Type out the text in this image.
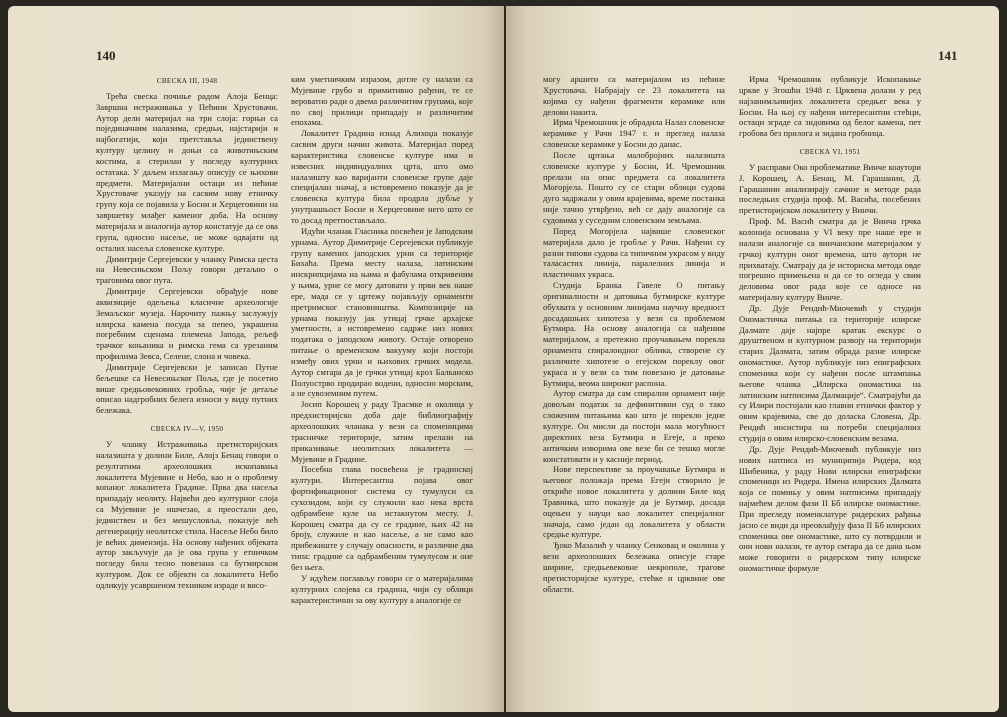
140

СВЕСКА III, 1948

Трећа свеска почиње радом Алоја Бенца: Завршна истраживања у Пећини Хрустовачи. Аутор дели материјал на три слоја: горњи са појединачним налазима, средњи, најстарији и најбогатији, који претставља јединствену културу целину и доњи са животињским костима, а стерилан у погледу културних остатака. У даљем излагању описују се њихови предмети. Материјални остаци из пећине Хрустовачe указују на сасвим нову етничку групу која се појавила у Босни и Херцеговини на завршетку млађег каменог доба. На основу материјала и аналогија аутор констатује да се ова група, односно насеље, не може одвајати од осталих насеља словенске културе.

Димитрије Сергејевски у чланку Римска цеста на Невесињском Пољу говори детаљно о траговима овог пута.

Димитрије Сергејевски обрађује нове аквизиције одељења класичне археологије Земаљског музеја. Нарочиту пажњу заслужују илирска камена посуда за пепео, украшена погребним сценама племена Јапода, рељеф трачког коњаника и римска гема са урезаним профилима Зевса, Селене, слона и човека.

Димитрије Сергејевски је записао Путне бељешке са Невесињског Поља, где је посетио више средњовековних гробља, чије је детаље описао надгробних белега износи у виду путних бележака.

СВЕСКА IV—V, 1950

У чланку Истраживања претисторијских налазишта у долини Биле, Алојз Бенац говори о резултатима археолошких ископавања локалитета Мујевине и Небо, као и о проблему копаног локалитета Градине. Прва два насеља припадају неолиту. Највећи део културног слоја са Мујевине је ишчезао, а преостали део, јединствен и без мешусловља, показује већ дегенерацију неолитске стила. Насеље Небо било је већих димензија. На основу нађених објеката аутор закључује да је ова група у етничком погледу била тесно повезана са бутмирском културом. Док се објекти са локалитета Небо одликују усавршеном техником израде и висо-

ким уметничким изразом, дотле су налази са Мујевине грубо и примитивно рађени, те се вероватно ради о двема различитим групама, које по свој прилици припадају и различитим епохама.

Локалитет Градина изнад Алихоџа показује сасвим други начин живота. Материјал поред карактеристика словенске културе има и извесних индивидуалних црта, што омо налазишту као варијанти словенске групе даје специјалан значај, а истовремено показује да је словенска култура била продрла дубље у унутрашњост Босне и Херцеговине него што се то досад претпостављало.

Идући чланак Гласника посвећен је Јаподским урнама. Аутор Димитрије Сергејевски публикује групу камених јаподских урни са територије Бихаћа. Према месту налаза, латинским инскрипцијама на њима и фабулама откривеним у њима, урне се могу датовати у први век наше ере, мада се у цртежу појављују орнаменти претримског становништва. Композиције на урнама показују јак утицај грчке архајске уметности, а истовремено садрже низ нових података о јаподском животу. Остаје отворено питање о временском вакууму који постоји између ових урни и њихових грчких модела. Аутор смтара да је грчки утицај кроз Балканско Полуострво продирао водени, односно морским, а не сувоземним путем.

Јосип Корошец у раду Трасмке и околица у предхисторијско доба даје библиографију археолошких чланака у вези са споменицима трасничке територије, затим прелази на приказивање неолитских локалитета — Мујевине и Градине.

Посебна глава посвећена је градинској култури. Интересантна појава овог фортификационог система су тумулуси са сухозидом, који су служили као нека врста одбрамбене куле на истакнутом месту. Ј. Корошец сматра да су се градине, њих 42 на броју, служиле и као насеље, а не само као прибежиште у случају опасности, и различне два типа: градине са одбрамбеним тумулусом и оне без њега.

У идућем поглављу говори се о материјалима културних слојева са градина, чији су облици карактеристични за ову културу а аналогије се

141

могу аршити са материјалом из пећине Хрустовача. Набрајају се 23 локалитета на којима су нађени фрагменти керамике или делови накита.

Ирма Чремошник је обрадила Налаз словенске керамике у Рачи 1947 г. и преглед налаза словенске керамике у Босни до данас.

После цртања малобројних налазишта словенске културе у Босни, И. Чремошник прелази на опис предмета са локалитета Могорјела. Пошто су се стари облици судова дуго задржали у овим крајевима, време постанка није тачно утврђено, већ се дају аналогије са судовима у суседним словенским земљама.

Поред Могорјела највише словенског материјала дало је гробље у Рачи. Нађени су разни типови судова са типичним украсом у виду таласастих линија, паралелних линија и пластичних украса.

Студија Бранка Гавеле О питању оригиналности и датовања бутмирске културе обухвата у основним линијама научну вредност досадашњих хипотеза у вези са проблемом Бутмира. На основу аналогија са нађеним материјалом, а претежно проучавањем порекла орнамента спиралоидног облика, створене су различите хипотезе о егејском пореклу овог украса и у вези са тим повезано је датовање Бутмира, веома широког распона.

Аутор сматра да сам спирални орнамент није довољан податак за дефинитивни суд о тако сложеним питањима као што је порекло једне културе. Он мисли да постоји мала могућност директних веза Бутмира и Егеје, а преко античким изворима ове везе би се тешко могле констатовати и у касније период.

Нове перспективе за проучавање Бутмира и његовог положаја према Егеји створило је откриће новое локалитета у долини Биле код Травника, што показује да је Бутмир, досада оцењен у науци као локалитет специјалног значаја, само један од локалитета у области средње културе.

Ђоко Мазалић у чланку Сенковац и околина у вези археолошких бележака описује старе ширине, средњевековне некрополе, трагове претисторијске културе, стећке и црквине ове области.

Ирма Чремошник публикује Ископавање цркве у Згошћи 1948 г. Црквена долази у ред најзанимљивијих локалитета средњег века у Босни. На њој су нађени интересантни стећци, остаци зграде са зидовима од белог камена, пет гробова без прилога и зидана гробница.

СВЕСКА VI, 1951

У расправи Око проблематике Винче коаутори Ј. Корошец, А. Бенац, М. Гарашанин, Д. Гарашанин анализирају сачине и методе рада последњих студија проф. М. Васића, посебених претисторијском локалитету у Винчи.

Проф. М. Васић сматра да је Винча грчка колонија основана у VI веку пре наше ере и налази аналогиje са винчанским материјалом у грчкој култури оног времена, што аутори не прихватају. Сматрају да је историска метода овде погрешно примењена и да се то огледа у свим деловима овог рада које се односе на материјалну културу Винче.

Др. Дује Рендић-Миочевић у студији Ономастичка питања са територије илирске Далмате даје најпре кратак екскурс о друштвеном и културном развоју на територији старих Далмата, затим обрада разне илирске ономастике. Аутор публикује низ епиграфских споменика који су нађени после штампања његове чланка „Илирска ономастика на латинским натписима Далмације“. Сматрајући да су Илири постојали као главни етнички фактор у овим крајевима, све до доласка Словена, Др. Рендић инсистира на потреби специјалних студија о овим илирско-словенским везама.

Др. Дује Рендић-Миочевић публикује низ нових натписа из муниципија Ридера, код Шибеника, у раду Нови илирски епиграфски споменици из Ридера. Имена илирских Далмата која се помињу у овим натписима припадају најмећем делом фази II Бб илирске ономастике. При прегледу номенклатуре ридерских рађања јасно се види да преовлађују фаза II Бб илирских споменика ове ономастике, што су потврдили и они нови налази, те аутор смтара да се дана њом може говорити о ридерском типу илирске ономастичке формуле
